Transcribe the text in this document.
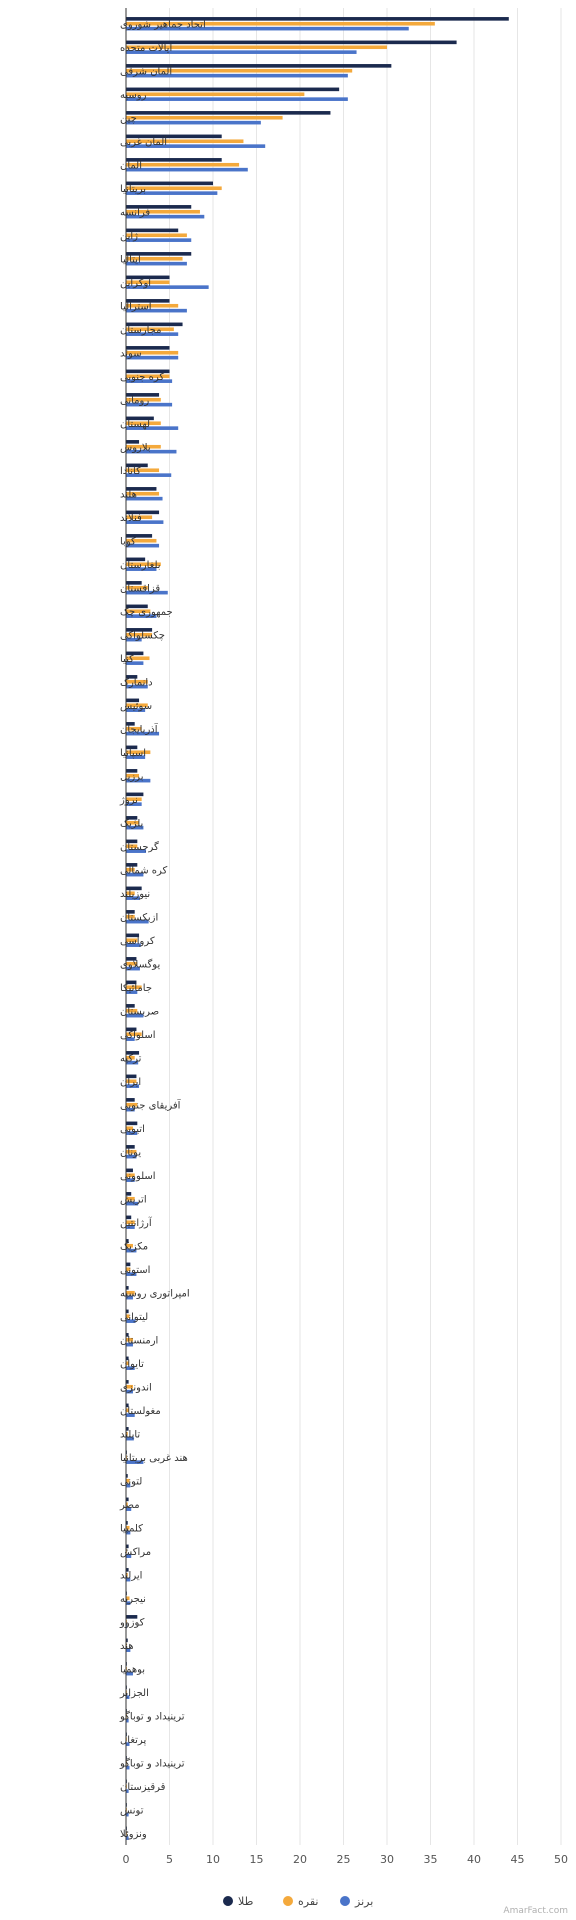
اتحاد جماهیر شوروی
ایالات متحده
آلمان شرقی
روسیه
چین
آلمان غربی
آلمان
بریتانیا
فرانسه
ژاپن
ایتالیا
اوکراین
استرالیا
مجارستان
سوئد
کره جنوبی
رومانی
لهستان
بلاروس
کانادا
هلند
فنلاند
کوبا
بلغارستان
قزاقستان
جمهوری چک
چکسلواکی
کنیا
دانمارک
سوئیس
آذربایجان
اسپانیا
برزیل
نروژ
بلژیک
گرجستان
کره شمالی
نیوزیلند
ازبکستان
کرواسی
یوگسلاوی
جامائیکا
صربستان
اسلواکی
ترکیه
ایران
آفریقای جنوبی
اتیوپی
یونان
اسلوونی
اتریش
آرژانتین
مکزیک
استونی
امپراتوری روسیه
لیتوانی
ارمنستان
تایوان
اندونزی
مغولستان
تایلند
هند غربی بریتانیا
لتونی
مصر
کلمبیا
مراکش
ایرلند
نیجریه
کوزوو
هند
بوهمیا
الجزایر
ترینیداد و توباگو
پرتغال
ترینیداد و توباگو
قرقیزستان
تونس
ونزوئلا
0	5	10	15	20	25	30	35	40	45	50
طلا	نقره	برنز
AmarFact.com
